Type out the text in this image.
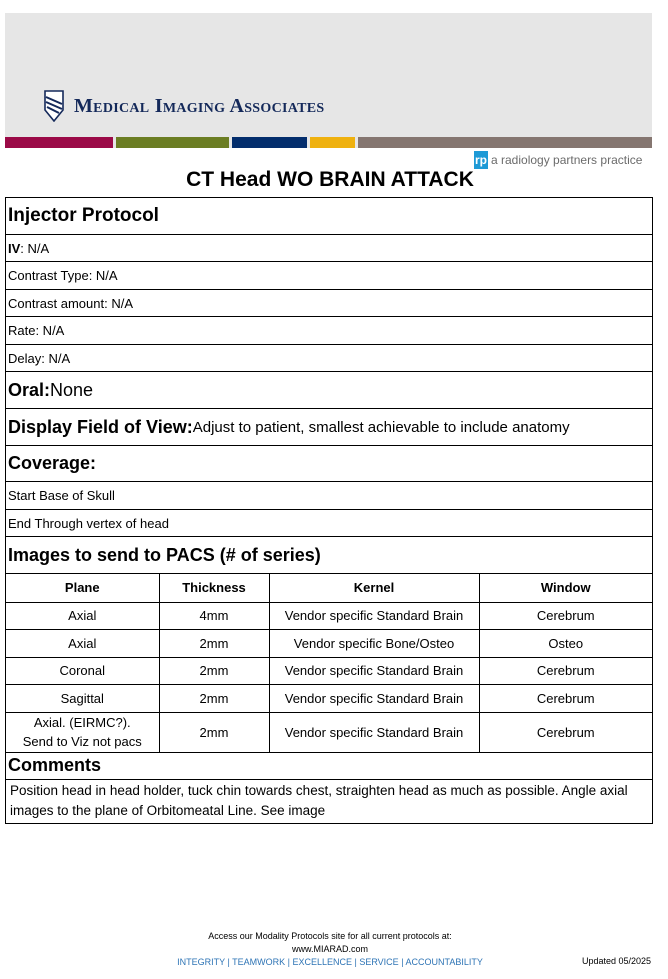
Medical Imaging Associates
rp a radiology partners practice
CT Head WO BRAIN ATTACK
Injector Protocol
IV : N/A
Contrast Type: N/A
Contrast amount: N/A
Rate: N/A
Delay: N/A
Oral: None
Display Field of View: Adjust to patient, smallest achievable to include anatomy
Coverage:
Start Base of Skull
End Through vertex of head
Images to send to PACS (# of series)
Plane	Thickness	Kernel	Window
Axial	4mm	Vendor specific Standard Brain	Cerebrum
Axial	2mm	Vendor specific Bone/Osteo	Osteo
Coronal	2mm	Vendor specific Standard Brain	Cerebrum
Sagittal	2mm	Vendor specific Standard Brain	Cerebrum

Axial. (EIRMC?).
Send to Viz not pacs	2mm	Vendor specific Standard Brain	Cerebrum
Comments
Position head in head holder, tuck chin towards chest, straighten head as much as possible. Angle axial images to the plane of Orbitomeatal Line. See image
Access our Modality Protocols site for all current protocols at:
www.MIARAD.com
INTEGRITY | TEAMWORK | EXCELLENCE | SERVICE | ACCOUNTABILITY	Updated 05/2025
